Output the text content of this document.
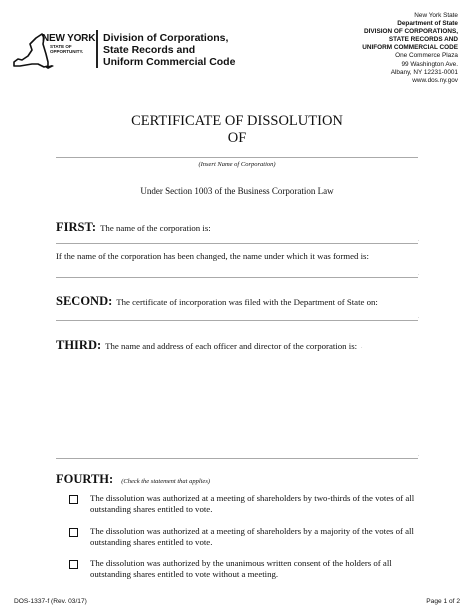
NEW YORK
STATE OF
OPPORTUNITY.
Division of Corporations,
State Records and
Uniform Commercial Code
New York State
Department of State
DIVISION OF CORPORATIONS,
STATE RECORDS AND
UNIFORM COMMERCIAL CODE
One Commerce Plaza
99 Washington Ave.
Albany, NY 12231-0001
www.dos.ny.gov
CERTIFICATE OF DISSOLUTION
OF
(Insert Name of Corporation)
Under Section 1003 of the Business Corporation Law
FIRST: The name of the corporation is:
.
If the name of the corporation has been changed, the name under which it was formed is:
.
SECOND: The certificate of incorporation was filed with the Department of State on:
.
THIRD: The name and address of each officer and director of the corporation is: .
.
FOURTH: (Check the statement that applies)
The dissolution was authorized at a meeting of shareholders by two-thirds of the votes of all outstanding shares entitled to vote.
The dissolution was authorized at a meeting of shareholders by a majority of the votes of all outstanding shares entitled to vote.
The dissolution was authorized by the unanimous written consent of the holders of all outstanding shares entitled to vote without a meeting.
DOS-1337-f (Rev. 03/17)	Page 1 of 2
